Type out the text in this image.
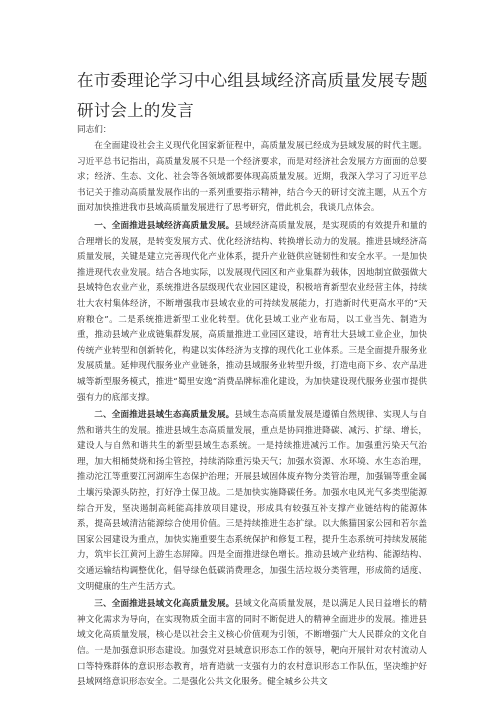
在市委理论学习中心组县域经济高质量发展专题研讨会上的发言

同志们：

在全面建设社会主义现代化国家新征程中，高质量发展已经成为县域发展的时代主题。习近平总书记指出，高质量发展不只是一个经济要求，而是对经济社会发展方方面面的总要求；经济、生态、文化、社会等各领域都要体现高质量发展。近期，我深入学习了习近平总书记关于推动高质量发展作出的一系列重要指示精神，结合今天的研讨交流主题，从五个方面对加快推进我市县域高质量发展进行了思考研究，借此机会，我谈几点体会。

一、全面推进县域经济高质量发展。县域经济高质量发展，是实现质的有效提升和量的合理增长的发展，是转变发展方式、优化经济结构、转换增长动力的发展。推进县域经济高质量发展，关键是建立完善现代化产业体系，提升产业链供应链韧性和安全水平。一是加快推进现代农业发展。结合各地实际，以发展现代园区和产业集群为载体，因地制宜做强做大县域特色农业产业，系统推进各层级现代农业园区建设，积极培育新型农业经营主体，持续壮大农村集体经济，不断增强我市县域农业的可持续发展能力，打造新时代更高水平的“天府粮仓”。二是系统推进新型工业化转型。优化县域工业产业布局，以工业当先、制造为重，推动县域产业成链集群发展，高质量推进工业园区建设，培育壮大县域工业企业，加快传统产业转型和创新转化，构建以实体经济为支撑的现代化工业体系。三是全面提升服务业发展质量。延伸现代服务业产业链条，推动县域服务业转型升级，打造电商下乡、农产品进城等新型服务模式，推进“蜀里安逸”消费品牌标准化建设，为加快建设现代服务业强市提供强有力的底部支撑。

二、全面推进县域生态高质量发展。县域生态高质量发展是遵循自然规律、实现人与自然和谐共生的发展。推进县域生态高质量发展，重点是协同推进降碳、减污、扩绿、增长，建设人与自然和谐共生的新型县域生态系统。一是持续推进减污工作。加强重污染天气治理，加大相桶焚烧和扬尘管控，持续消除重污染天气；加强水资源、水环境、水生态治理，推动沱江等重要江河湖库生态保护治理；开展县域固体废弃物分类管治理，加强镉等重金属土壤污染源头防控，打好净土保卫战。二是加快实施降碳任务。加强水电风光气多类型能源综合开发，坚决遏制高耗能高排放项目建设，形成具有较强互补支撑产业链结构的能源体系，提高县域清洁能源综合使用价值。三是持续推进生态扩绿。以大熊猫国家公园和若尔盖国家公园建设为重点，加快实施重要生态系统保护和修复工程，提升生态系统可持续发展能力，筑牢长江黄河上游生态屏障。四是全面推进绿色增长。推动县域产业结构、能源结构、交通运输结构调整优化，倡导绿色低碳消费理念，加强生活垃圾分类管理，形成简约适度、文明健康的生产生活方式。

三、全面推进县域文化高质量发展。县域文化高质量发展，是以满足人民日益增长的精神文化需求为导向，在实现物质全面丰富的同时不断促进人的精神全面进步的发展。推进县域文化高质量发展，核心是以社会主义核心价值观为引领，不断增强广大人民群众的文化自信。一是加强意识形态建设。加强党对县域意识形态工作的领导，靶向开展针对农村流动人口等特殊群体的意识形态教育，培育造就一支强有力的农村意识形态工作队伍，坚决维护好县域网络意识形态安全。二是强化公共文化服务。健全城乡公共文
